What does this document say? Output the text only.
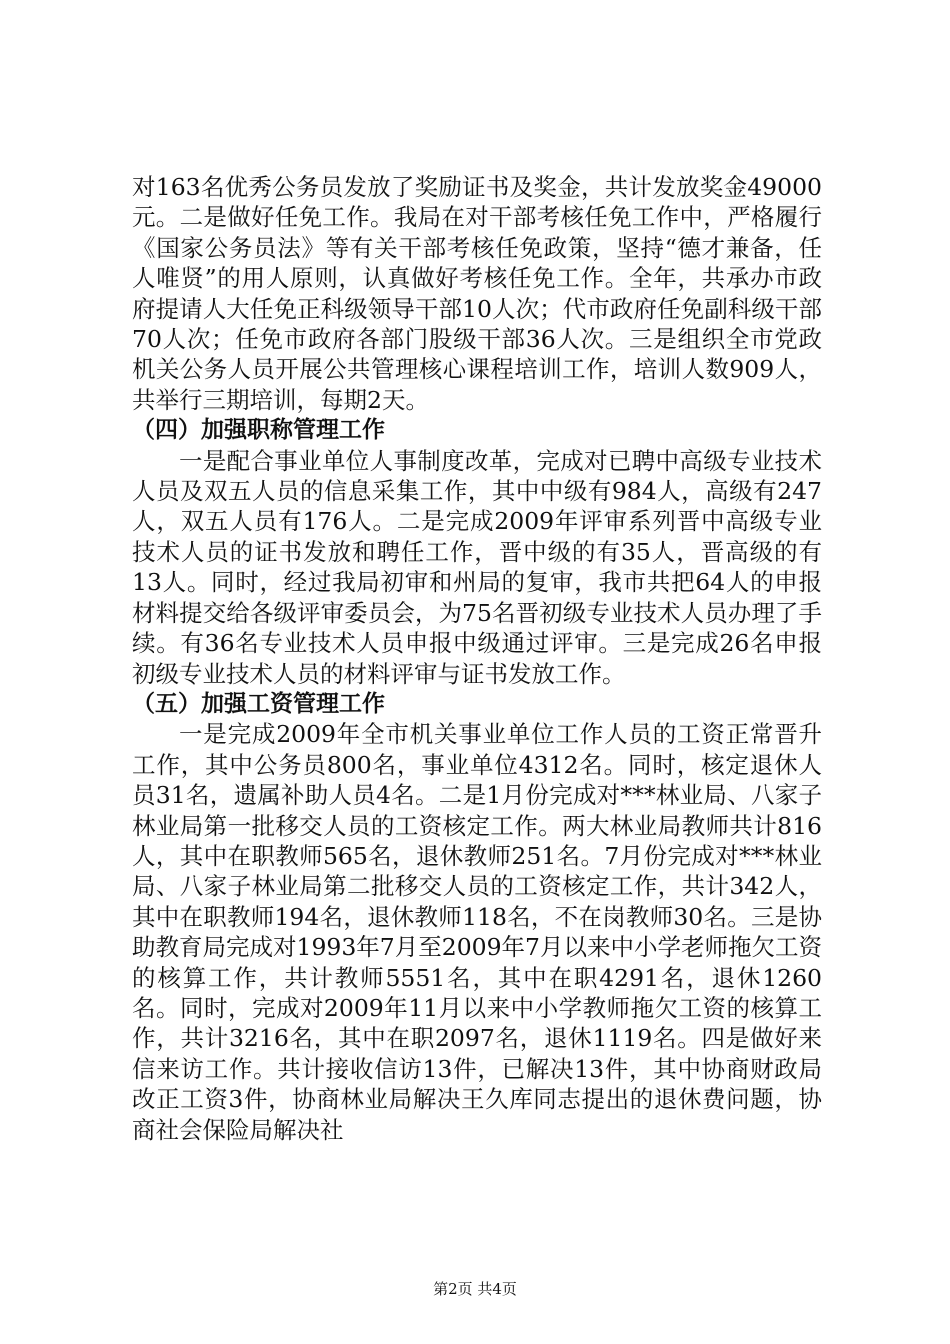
对163名优秀公务员发放了奖励证书及奖金，共计发放奖金49000元。二是做好任免工作。我局在对干部考核任免工作中，严格履行《国家公务员法》等有关干部考核任免政策，坚持“德才兼备，任人唯贤”的用人原则，认真做好考核任免工作。全年，共承办市政府提请人大任免正科级领导干部10人次；代市政府任免副科级干部70人次；任免市政府各部门股级干部36人次。三是组织全市党政机关公务人员开展公共管理核心课程培训工作，培训人数909人，共举行三期培训，每期2天。

（四）加强职称管理工作

一是配合事业单位人事制度改革，完成对已聘中高级专业技术人员及双五人员的信息采集工作，其中中级有984人，高级有247人，双五人员有176人。二是完成2009年评审系列晋中高级专业技术人员的证书发放和聘任工作，晋中级的有35人，晋高级的有13人。同时，经过我局初审和州局的复审，我市共把64人的申报材料提交给各级评审委员会，为75名晋初级专业技术人员办理了手续。有36名专业技术人员申报中级通过评审。三是完成26名申报初级专业技术人员的材料评审与证书发放工作。

（五）加强工资管理工作

一是完成2009年全市机关事业单位工作人员的工资正常晋升工作，其中公务员800名，事业单位4312名。同时，核定退休人员31名，遗属补助人员4名。二是1月份完成对***林业局、八家子林业局第一批移交人员的工资核定工作。两大林业局教师共计816人，其中在职教师565名，退休教师251名。7月份完成对***林业局、八家子林业局第二批移交人员的工资核定工作，共计342人，其中在职教师194名，退休教师118名，不在岗教师30名。三是协助教育局完成对1993年7月至2009年7月以来中小学老师拖欠工资的核算工作，共计教师5551名，其中在职4291名，退休1260名。同时，完成对2009年11月以来中小学教师拖欠工资的核算工作，共计3216名，其中在职2097名，退休1119名。四是做好来信来访工作。共计接收信访13件，已解决13件，其中协商财政局改正工资3件，协商林业局解决王久库同志提出的退休费问题，协商社会保险局解决社

第2页 共4页
